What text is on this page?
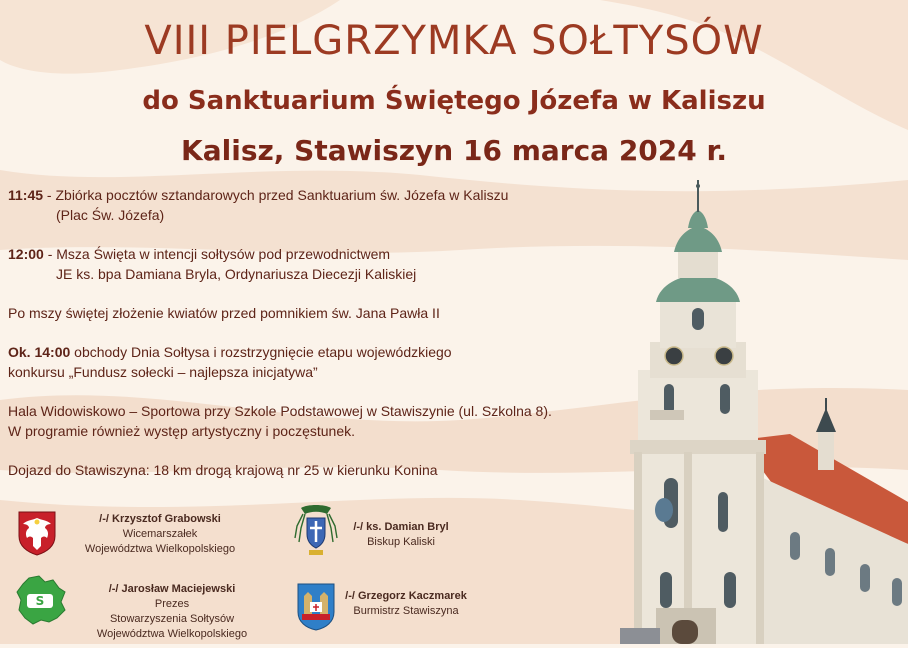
VIII PIELGRZYMKA SOŁTYSÓW
do Sanktuarium Świętego Józefa w Kaliszu
Kalisz, Stawiszyn 16 marca 2024 r.

11:45 - Zbiórka pocztów sztandarowych przed Sanktuarium św. Józefa w Kaliszu
(Plac Św. Józefa)

12:00 - Msza Święta w intencji sołtysów pod przewodnictwem
JE ks. bpa Damiana Bryla, Ordynariusza Diecezji Kaliskiej

Po mszy świętej złożenie kwiatów przed pomnikiem św. Jana Pawła II

Ok. 14:00 obchody Dnia Sołtysa i rozstrzygnięcie etapu wojewódzkiego
konkursu „Fundusz sołecki – najlepsza inicjatywa”

Hala Widowiskowo – Sportowa przy Szkole Podstawowej w Stawiszynie (ul. Szkolna 8).
W programie również występ artystyczny i poczęstunek.

Dojazd do Stawiszyna: 18 km drogą krajową nr 25 w kierunku Konina

/-/ Krzysztof Grabowski
Wicemarszałek
Województwa Wielkopolskiego
/-/ ks. Damian Bryl
Biskup Kaliski
S
/-/ Jarosław Maciejewski
Prezes
Stowarzyszenia Sołtysów
Województwa Wielkopolskiego
/-/ Grzegorz Kaczmarek
Burmistrz Stawiszyna
